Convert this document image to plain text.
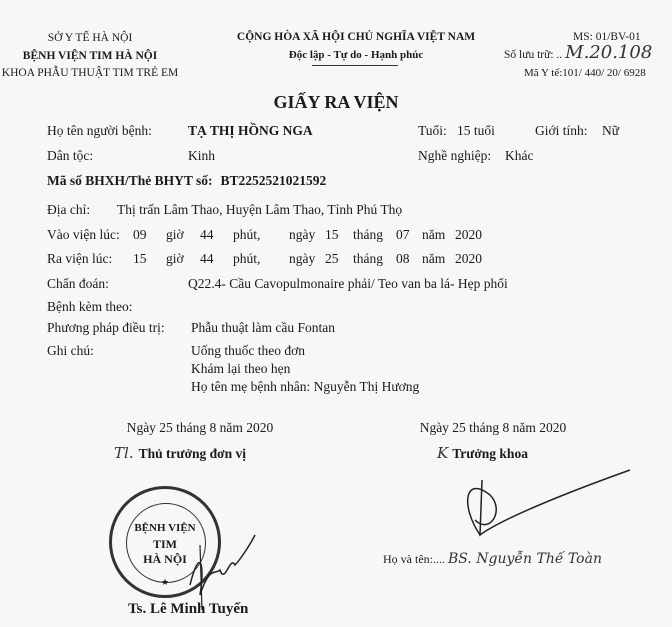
SỞ Y TẾ HÀ NỘI
BỆNH VIỆN TIM HÀ NỘI
KHOA PHẪU THUẬT TIM TRẺ EM
CỘNG HÒA XÃ HỘI CHỦ NGHĨA VIỆT NAM
Độc lập - Tự do - Hạnh phúc
MS: 01/BV-01
Số lưu trữ: .. M.20.108
Mã Y tế:101/ 440/ 20/ 6928
GIẤY RA VIỆN
Họ tên người bệnh:	TẠ THỊ HỒNG NGA	Tuổi: 15 tuổi	Giới tính: Nữ
Dân tộc:	Kinh	Nghề nghiệp: Khác
Mã số BHXH/Thẻ BHYT số: BT2252521021592
Địa chỉ: Thị trấn Lâm Thao, Huyện Lâm Thao, Tỉnh Phú Thọ
Vào viện lúc: 09 giờ 44 phút, ngày 15 tháng 07 năm 2020
Ra viện lúc: 15 giờ 44 phút, ngày 25 tháng 08 năm 2020
Chẩn đoán:	Q22.4- Cầu Cavopulmonaire phải/ Teo van ba lá- Hẹp phổi
Bệnh kèm theo:
Phương pháp điều trị: Phẫu thuật làm cầu Fontan
Ghi chú:	Uống thuốc theo đơn
Khám lại theo hẹn
Họ tên mẹ bệnh nhân: Nguyễn Thị Hương
Ngày 25 tháng 8 năm 2020
Tl. Thủ trưởng đơn vị
BỆNH VIỆN
TIM
HÀ NỘI
★
Ts. Lê Minh Tuyến
Ngày 25 tháng 8 năm 2020
K Trưởng khoa
Họ và tên:.... BS. Nguyễn Thế Toàn
